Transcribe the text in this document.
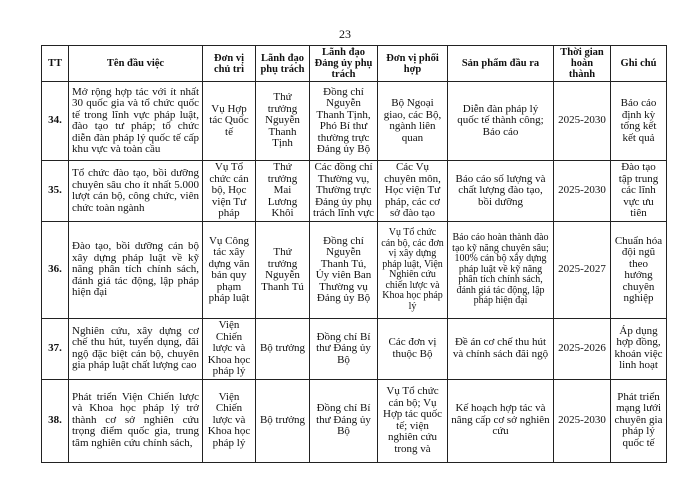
23
TT	Tên đầu việc	Đơn vị chủ trì	Lãnh đạo phụ trách	Lãnh đạo Đảng ủy phụ trách	Đơn vị phối hợp	Sản phẩm đầu ra	Thời gian hoàn thành	Ghi chú
34.	Mở rộng hợp tác với ít nhất 30 quốc gia và tổ chức quốc tế trong lĩnh vực pháp luật, đào tạo tư pháp; tổ chức diễn đàn pháp lý quốc tế cấp khu vực và toàn cầu	Vụ Hợp tác Quốc tế	Thứ trưởng Nguyễn Thanh Tịnh	Đồng chí Nguyễn Thanh Tịnh, Phó Bí thư thường trực Đảng ủy Bộ	Bộ Ngoại giao, các Bộ, ngành liên quan	Diễn đàn pháp lý quốc tế thành công; Báo cáo	2025-2030	Báo cáo định kỳ tổng kết kết quả
35.	Tổ chức đào tạo, bồi dưỡng chuyên sâu cho ít nhất 5.000 lượt cán bộ, công chức, viên chức toàn ngành	Vụ Tổ chức cán bộ, Học viện Tư pháp	Thứ trưởng Mai Lương Khôi	Các đồng chí Thường vụ, Thường trực Đảng ủy phụ trách lĩnh vực	Các Vụ chuyên môn, Học viện Tư pháp, các cơ sở đào tạo	Báo cáo số lượng và chất lượng đào tạo, bồi dưỡng	2025-2030	Đào tạo tập trung các lĩnh vực ưu tiên
36.	Đào tạo, bồi dưỡng cán bộ xây dựng pháp luật về kỹ năng phân tích chính sách, đánh giá tác động, lập pháp hiện đại	Vụ Công tác xây dựng văn bản quy phạm pháp luật	Thứ trưởng Nguyễn Thanh Tú	Đồng chí Nguyễn Thanh Tú, Ủy viên Ban Thường vụ Đảng ủy Bộ	Vụ Tổ chức cán bộ, các đơn vị xây dựng pháp luật, Viện Nghiên cứu chiến lược và Khoa học pháp lý	Báo cáo hoàn thành đào tạo kỹ năng chuyên sâu; 100% cán bộ xây dựng pháp luật về kỹ năng phân tích chính sách, đánh giá tác động, lập pháp hiện đại	2025-2027	Chuẩn hóa đội ngũ theo hướng chuyên nghiệp
37.	Nghiên cứu, xây dựng cơ chế thu hút, tuyển dụng, đãi ngộ đặc biệt cán bộ, chuyên gia pháp luật chất lượng cao	Viện Chiến lược và Khoa học pháp lý	Bộ trưởng	Đồng chí Bí thư Đảng ủy Bộ	Các đơn vị thuộc Bộ	Đề án cơ chế thu hút và chính sách đãi ngộ	2025-2026	Áp dụng hợp đồng, khoán việc linh hoạt
38.	Phát triển Viện Chiến lược và Khoa học pháp lý trở thành cơ sở nghiên cứu trọng điểm quốc gia, trung tâm nghiên cứu chính sách,	Viện Chiến lược và Khoa học pháp lý	Bộ trưởng	Đồng chí Bí thư Đảng ủy Bộ	Vụ Tổ chức cán bộ; Vụ Hợp tác quốc tế; viện nghiên cứu trong và	Kế hoạch hợp tác và nâng cấp cơ sở nghiên cứu	2025-2030	Phát triển mạng lưới chuyên gia pháp lý quốc tế
